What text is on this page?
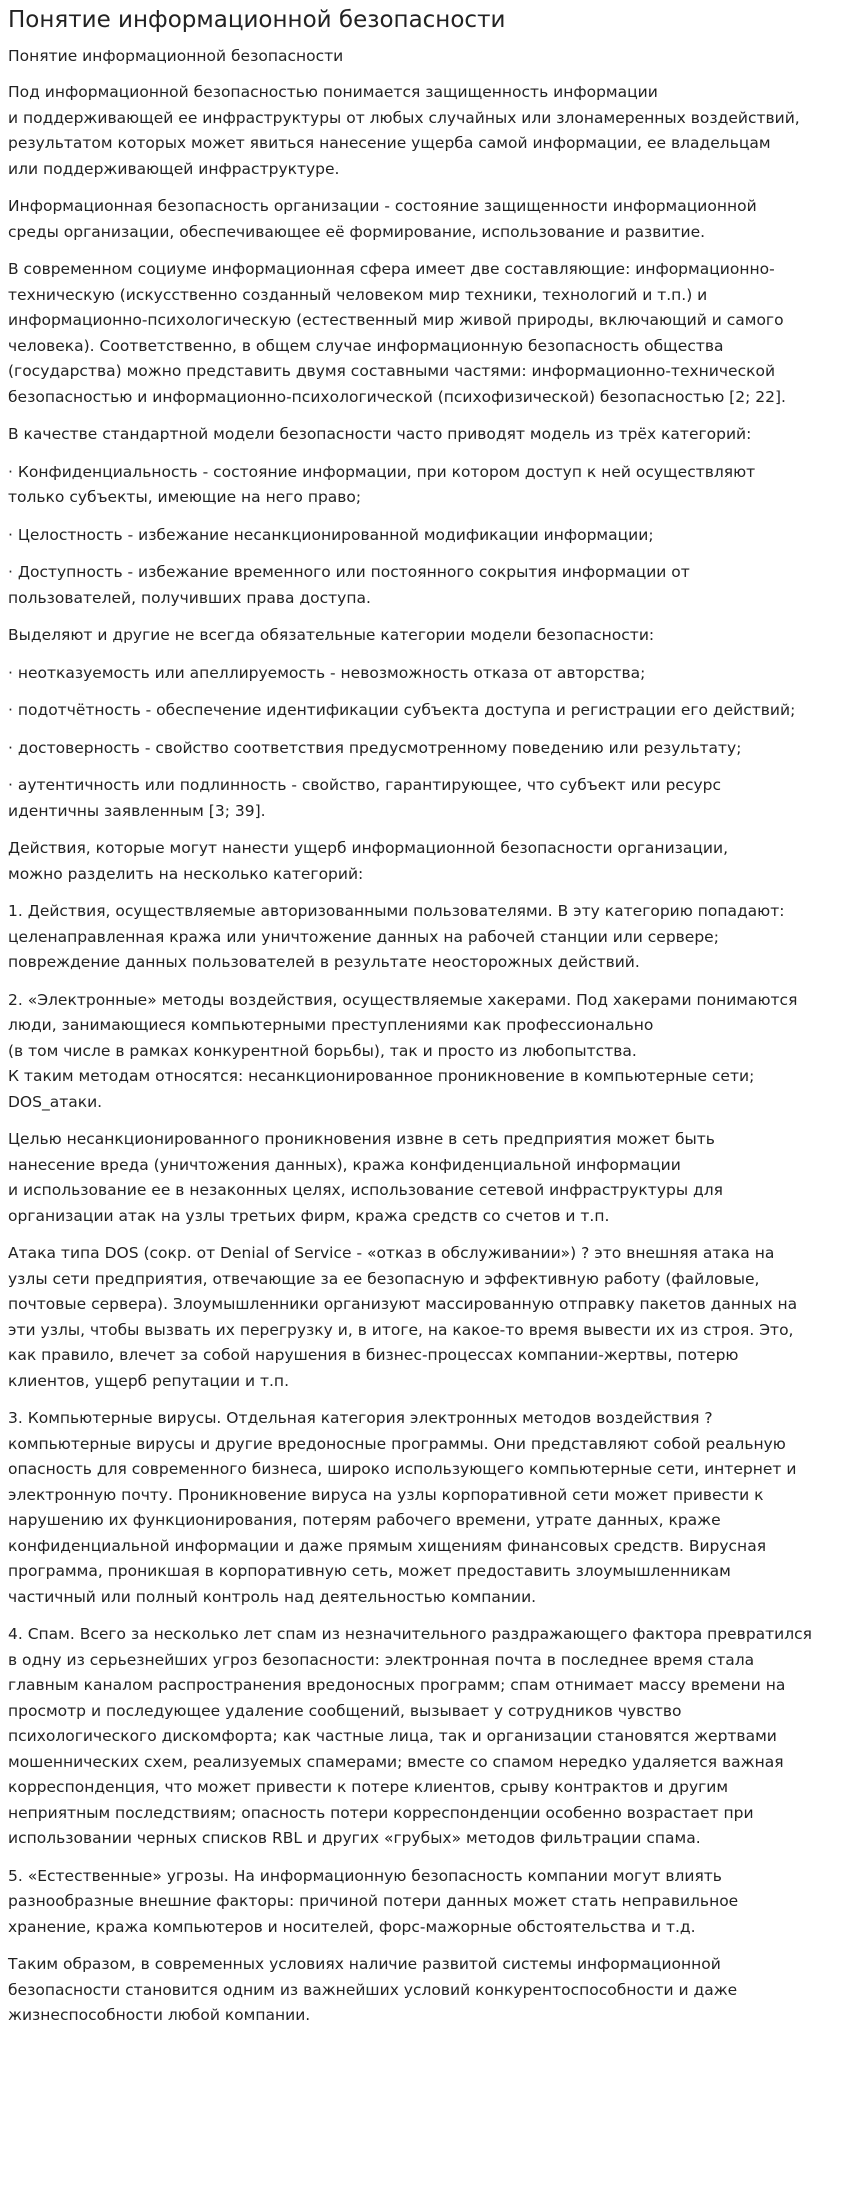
Понятие информационной безопасности
Понятие информационной безопасности

Под информационной безопасностью понимается защищенность информации
и поддерживающей ее инфраструктуры от любых случайных или злонамеренных воздействий,
результатом которых может явиться нанесение ущерба самой информации, ее владельцам
или поддерживающей инфраструктуре.

Информационная безопасность организации - состояние защищенности информационной
среды организации, обеспечивающее её формирование, использование и развитие.

В современном социуме информационная сфера имеет две составляющие: информационно-
техническую (искусственно созданный человеком мир техники, технологий и т.п.) и
информационно-психологическую (естественный мир живой природы, включающий и самого
человека). Соответственно, в общем случае информационную безопасность общества
(государства) можно представить двумя составными частями: информационно-технической
безопасностью и информационно-психологической (психофизической) безопасностью [2; 22].

В качестве стандартной модели безопасности часто приводят модель из трёх категорий:

· Конфиденциальность - состояние информации, при котором доступ к ней осуществляют
только субъекты, имеющие на него право;

· Целостность - избежание несанкционированной модификации информации;

· Доступность - избежание временного или постоянного сокрытия информации от
пользователей, получивших права доступа.

Выделяют и другие не всегда обязательные категории модели безопасности:

· неотказуемость или апеллируемость - невозможность отказа от авторства;

· подотчётность - обеспечение идентификации субъекта доступа и регистрации его действий;

· достоверность - свойство соответствия предусмотренному поведению или результату;

· аутентичность или подлинность - свойство, гарантирующее, что субъект или ресурс
идентичны заявленным [3; 39].

Действия, которые могут нанести ущерб информационной безопасности организации,
можно разделить на несколько категорий:

1. Действия, осуществляемые авторизованными пользователями. В эту категорию попадают:
целенаправленная кража или уничтожение данных на рабочей станции или сервере;
повреждение данных пользователей в результате неосторожных действий.

2. «Электронные» методы воздействия, осуществляемые хакерами. Под хакерами понимаются
люди, занимающиеся компьютерными преступлениями как профессионально
(в том числе в рамках конкурентной борьбы), так и просто из любопытства.
К таким методам относятся: несанкционированное проникновение в компьютерные сети;
DOS_атаки.

Целью несанкционированного проникновения извне в сеть предприятия может быть
нанесение вреда (уничтожения данных), кража конфиденциальной информации
и использование ее в незаконных целях, использование сетевой инфраструктуры для
организации атак на узлы третьих фирм, кража средств со счетов и т.п.

Атака типа DOS (сокр. от Denial of Service - «отказ в обслуживании») ? это внешняя атака на
узлы сети предприятия, отвечающие за ее безопасную и эффективную работу (файловые,
почтовые сервера). Злоумышленники организуют массированную отправку пакетов данных на
эти узлы, чтобы вызвать их перегрузку и, в итоге, на какое-то время вывести их из строя. Это,
как правило, влечет за собой нарушения в бизнес-процессах компании-жертвы, потерю
клиентов, ущерб репутации и т.п.

3. Компьютерные вирусы. Отдельная категория электронных методов воздействия ?
компьютерные вирусы и другие вредоносные программы. Они представляют собой реальную
опасность для современного бизнеса, широко использующего компьютерные сети, интернет и
электронную почту. Проникновение вируса на узлы корпоративной сети может привести к
нарушению их функционирования, потерям рабочего времени, утрате данных, краже
конфиденциальной информации и даже прямым хищениям финансовых средств. Вирусная
программа, проникшая в корпоративную сеть, может предоставить злоумышленникам
частичный или полный контроль над деятельностью компании.

4. Спам. Всего за несколько лет спам из незначительного раздражающего фактора превратился
в одну из серьезнейших угроз безопасности: электронная почта в последнее время стала
главным каналом распространения вредоносных программ; спам отнимает массу времени на
просмотр и последующее удаление сообщений, вызывает у сотрудников чувство
психологического дискомфорта; как частные лица, так и организации становятся жертвами
мошеннических схем, реализуемых спамерами; вместе со спамом нередко удаляется важная
корреспонденция, что может привести к потере клиентов, срыву контрактов и другим
неприятным последствиям; опасность потери корреспонденции особенно возрастает при
использовании черных списков RBL и других «грубых» методов фильтрации спама.

5. «Естественные» угрозы. На информационную безопасность компании могут влиять
разнообразные внешние факторы: причиной потери данных может стать неправильное
хранение, кража компьютеров и носителей, форс-мажорные обстоятельства и т.д.

Таким образом, в современных условиях наличие развитой системы информационной
безопасности становится одним из важнейших условий конкурентоспособности и даже
жизнеспособности любой компании.
